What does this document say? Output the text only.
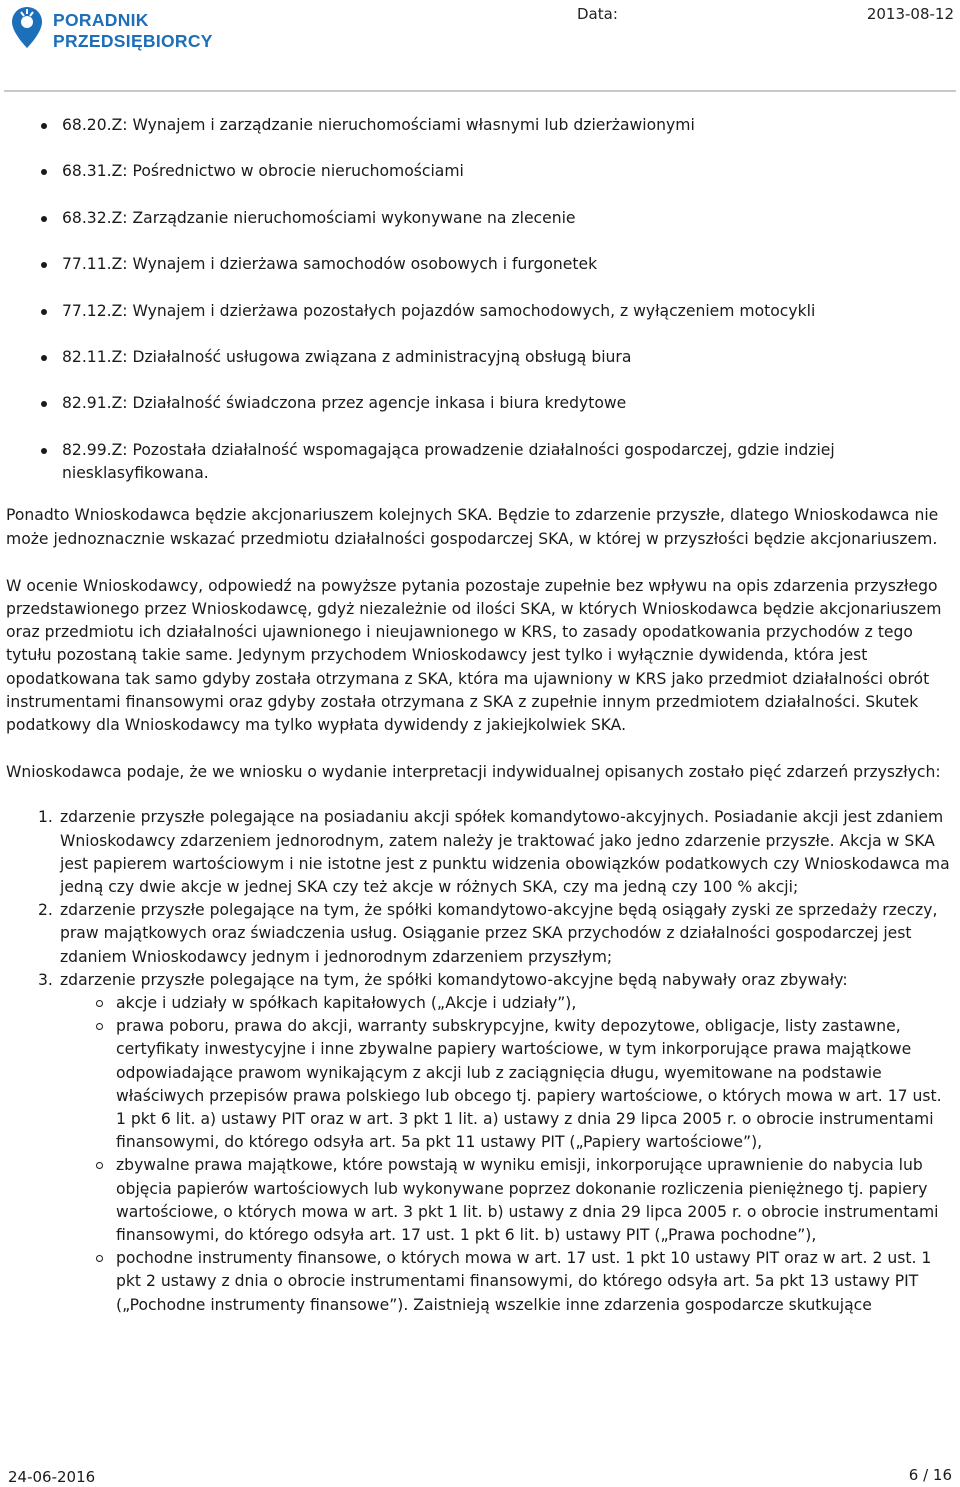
PORADNIK
PRZEDSIĘBIORCY
Data:	2013-08-12
68.20.Z: Wynajem i zarządzanie nieruchomościami własnymi lub dzierżawionymi
68.31.Z: Pośrednictwo w obrocie nieruchomościami
68.32.Z: Zarządzanie nieruchomościami wykonywane na zlecenie
77.11.Z: Wynajem i dzierżawa samochodów osobowych i furgonetek
77.12.Z: Wynajem i dzierżawa pozostałych pojazdów samochodowych, z wyłączeniem motocykli
82.11.Z: Działalność usługowa związana z administracyjną obsługą biura
82.91.Z: Działalność świadczona przez agencje inkasa i biura kredytowe
82.99.Z: Pozostała działalność wspomagająca prowadzenie działalności gospodarczej, gdzie indziej niesklasyfikowana.

Ponadto Wnioskodawca będzie akcjonariuszem kolejnych SKA. Będzie to zdarzenie przyszłe, dlatego Wnioskodawca nie może jednoznacznie wskazać przedmiotu działalności gospodarczej SKA, w której w przyszłości będzie akcjonariuszem.

W ocenie Wnioskodawcy, odpowiedź na powyższe pytania pozostaje zupełnie bez wpływu na opis zdarzenia przyszłego przedstawionego przez Wnioskodawcę, gdyż niezależnie od ilości SKA, w których Wnioskodawca będzie akcjonariuszem oraz przedmiotu ich działalności ujawnionego i nieujawnionego w KRS, to zasady opodatkowania przychodów z tego tytułu pozostaną takie same. Jedynym przychodem Wnioskodawcy jest tylko i wyłącznie dywidenda, która jest opodatkowana tak samo gdyby została otrzymana z SKA, która ma ujawniony w KRS jako przedmiot działalności obrót instrumentami finansowymi oraz gdyby została otrzymana z SKA z zupełnie innym przedmiotem działalności. Skutek podatkowy dla Wnioskodawcy ma tylko wypłata dywidendy z jakiejkolwiek SKA.

Wnioskodawca podaje, że we wniosku o wydanie interpretacji indywidualnej opisanych zostało pięć zdarzeń przyszłych:

1. zdarzenie przyszłe polegające na posiadaniu akcji spółek komandytowo-akcyjnych. Posiadanie akcji jest zdaniem Wnioskodawcy zdarzeniem jednorodnym, zatem należy je traktować jako jedno zdarzenie przyszłe. Akcja w SKA jest papierem wartościowym i nie istotne jest z punktu widzenia obowiązków podatkowych czy Wnioskodawca ma jedną czy dwie akcje w jednej SKA czy też akcje w różnych SKA, czy ma jedną czy 100 % akcji;
2. zdarzenie przyszłe polegające na tym, że spółki komandytowo-akcyjne będą osiągały zyski ze sprzedaży rzeczy, praw majątkowych oraz świadczenia usług. Osiąganie przez SKA przychodów z działalności gospodarczej jest zdaniem Wnioskodawcy jednym i jednorodnym zdarzeniem przyszłym;
3. zdarzenie przyszłe polegające na tym, że spółki komandytowo-akcyjne będą nabywały oraz zbywały:
akcje i udziały w spółkach kapitałowych („Akcje i udziały”),
prawa poboru, prawa do akcji, warranty subskrypcyjne, kwity depozytowe, obligacje, listy zastawne, certyfikaty inwestycyjne i inne zbywalne papiery wartościowe, w tym inkorporujące prawa majątkowe odpowiadające prawom wynikającym z akcji lub z zaciągnięcia długu, wyemitowane na podstawie właściwych przepisów prawa polskiego lub obcego tj. papiery wartościowe, o których mowa w art. 17 ust. 1 pkt 6 lit. a) ustawy PIT oraz w art. 3 pkt 1 lit. a) ustawy z dnia 29 lipca 2005 r. o obrocie instrumentami finansowymi, do którego odsyła art. 5a pkt 11 ustawy PIT („Papiery wartościowe”),
zbywalne prawa majątkowe, które powstają w wyniku emisji, inkorporujące uprawnienie do nabycia lub objęcia papierów wartościowych lub wykonywane poprzez dokonanie rozliczenia pieniężnego tj. papiery wartościowe, o których mowa w art. 3 pkt 1 lit. b) ustawy z dnia 29 lipca 2005 r. o obrocie instrumentami finansowymi, do którego odsyła art. 17 ust. 1 pkt 6 lit. b) ustawy PIT („Prawa pochodne”),
pochodne instrumenty finansowe, o których mowa w art. 17 ust. 1 pkt 10 ustawy PIT oraz w art. 2 ust. 1 pkt 2 ustawy z dnia o obrocie instrumentami finansowymi, do którego odsyła art. 5a pkt 13 ustawy PIT („Pochodne instrumenty finansowe”). Zaistnieją wszelkie inne zdarzenia gospodarcze skutkujące
24-06-2016	6 / 16
